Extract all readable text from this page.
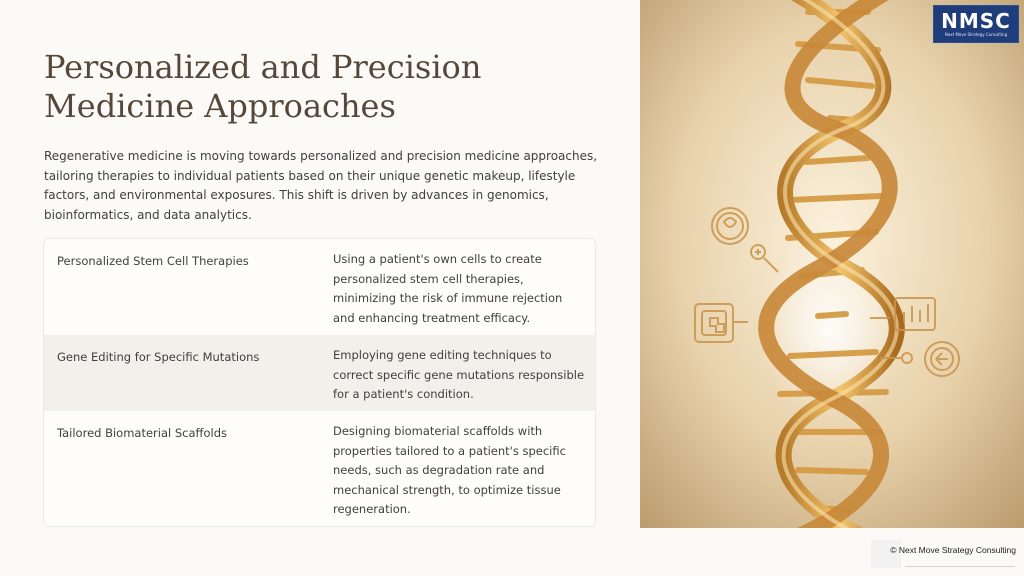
Personalized and Precision Medicine Approaches

Regenerative medicine is moving towards personalized and precision medicine approaches, tailoring therapies to individual patients based on their unique genetic makeup, lifestyle factors, and environmental exposures. This shift is driven by advances in genomics, bioinformatics, and data analytics.

Personalized Stem Cell Therapies	Using a patient's own cells to create personalized stem cell therapies, minimizing the risk of immune rejection and enhancing treatment efficacy.
Gene Editing for Specific Mutations	Employing gene editing techniques to correct specific gene mutations responsible for a patient's condition.
Tailored Biomaterial Scaffolds	Designing biomaterial scaffolds with properties tailored to a patient's specific needs, such as degradation rate and mechanical strength, to optimize tissue regeneration.
NMSC
Next Move Strategy Consulting
© Next Move Strategy Consulting
